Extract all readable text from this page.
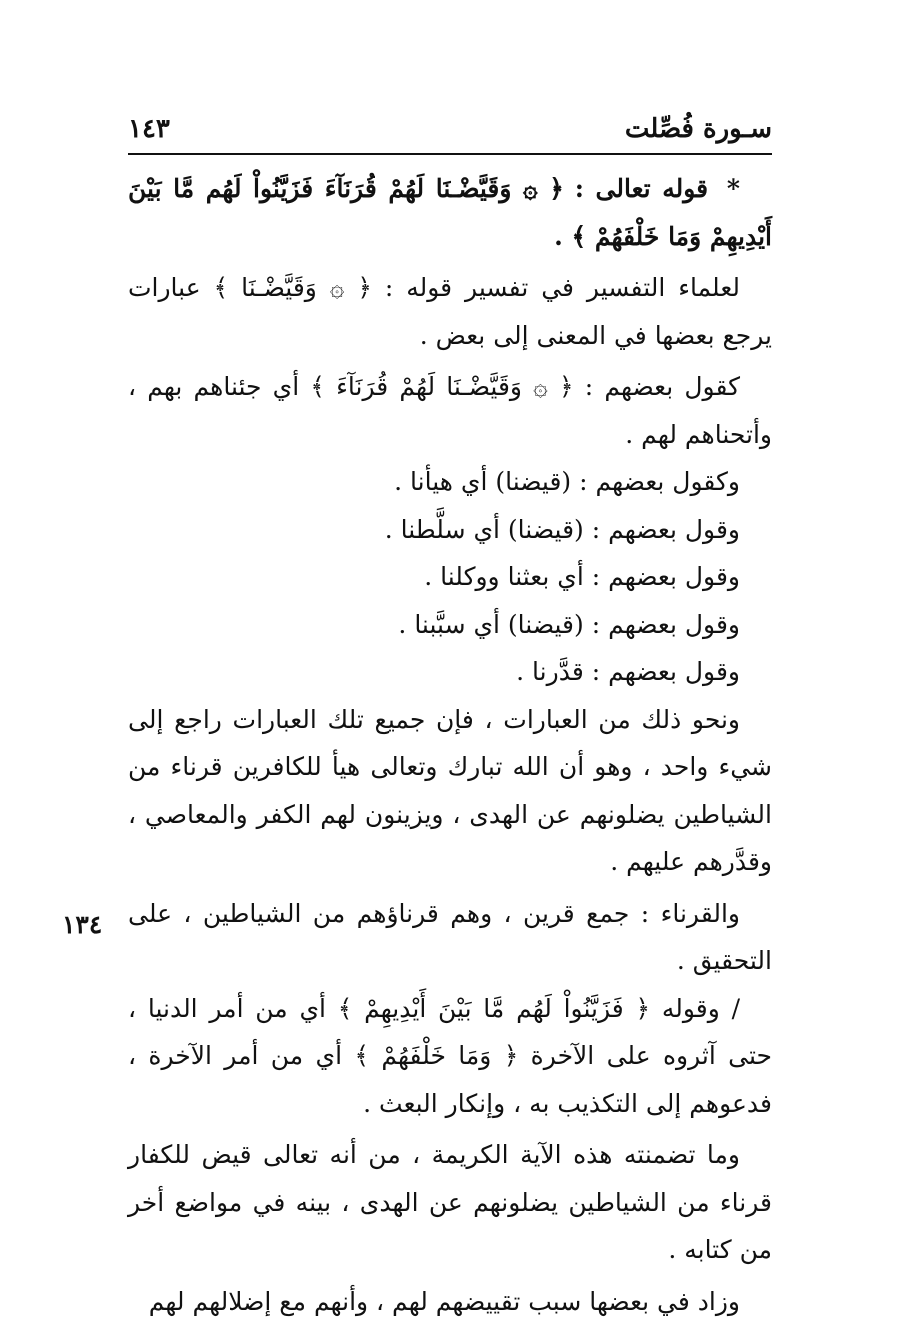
سـورة فُصِّلت
١٤٣
١٣٤

* قوله تعالى : ﴿ ۞ وَقَيَّضْـنَا لَهُمْ قُرَنَآءَ فَزَيَّنُواْ لَهُم مَّا بَيْنَ أَيْدِيهِمْ وَمَا خَلْفَهُمْ ﴾ .

لعلماء التفسير في تفسير قوله : ﴿ ۞ وَقَيَّضْـنَا ﴾ عبارات يرجع بعضها في المعنى إلى بعض .

كقول بعضهم : ﴿ ۞ وَقَيَّضْـنَا لَهُمْ قُرَنَآءَ ﴾ أي جئناهم بهم ، وأتحناهم لهم .

وكقول بعضهم : (قيضنا) أي هيأنا .

وقول بعضهم : (قيضنا) أي سلَّطنا .

وقول بعضهم : أي بعثنا ووكلنا .

وقول بعضهم : (قيضنا) أي سبَّبنا .

وقول بعضهم : قدَّرنا .

ونحو ذلك من العبارات ، فإن جميع تلك العبارات راجع إلى شيء واحد ، وهو أن الله تبارك وتعالى هيأ للكافرين قرناء من الشياطين يضلونهم عن الهدى ، ويزينون لهم الكفر والمعاصي ، وقدَّرهم عليهم .

والقرناء : جمع قرين ، وهم قرناؤهم من الشياطين ، على التحقيق .

/ وقوله ﴿ فَزَيَّنُواْ لَهُم مَّا بَيْنَ أَيْدِيهِمْ ﴾ أي من أمر الدنيا ، حتى آثروه على الآخرة ﴿ وَمَا خَلْفَهُمْ ﴾ أي من أمر الآخرة ، فدعوهم إلى التكذيب به ، وإنكار البعث .

وما تضمنته هذه الآية الكريمة ، من أنه تعالى قيض للكفار قرناء من الشياطين يضلونهم عن الهدى ، بينه في مواضع أخر من كتابه .

وزاد في بعضها سبب تقييضهم لهم ، وأنهم مع إضلالهم لهم
